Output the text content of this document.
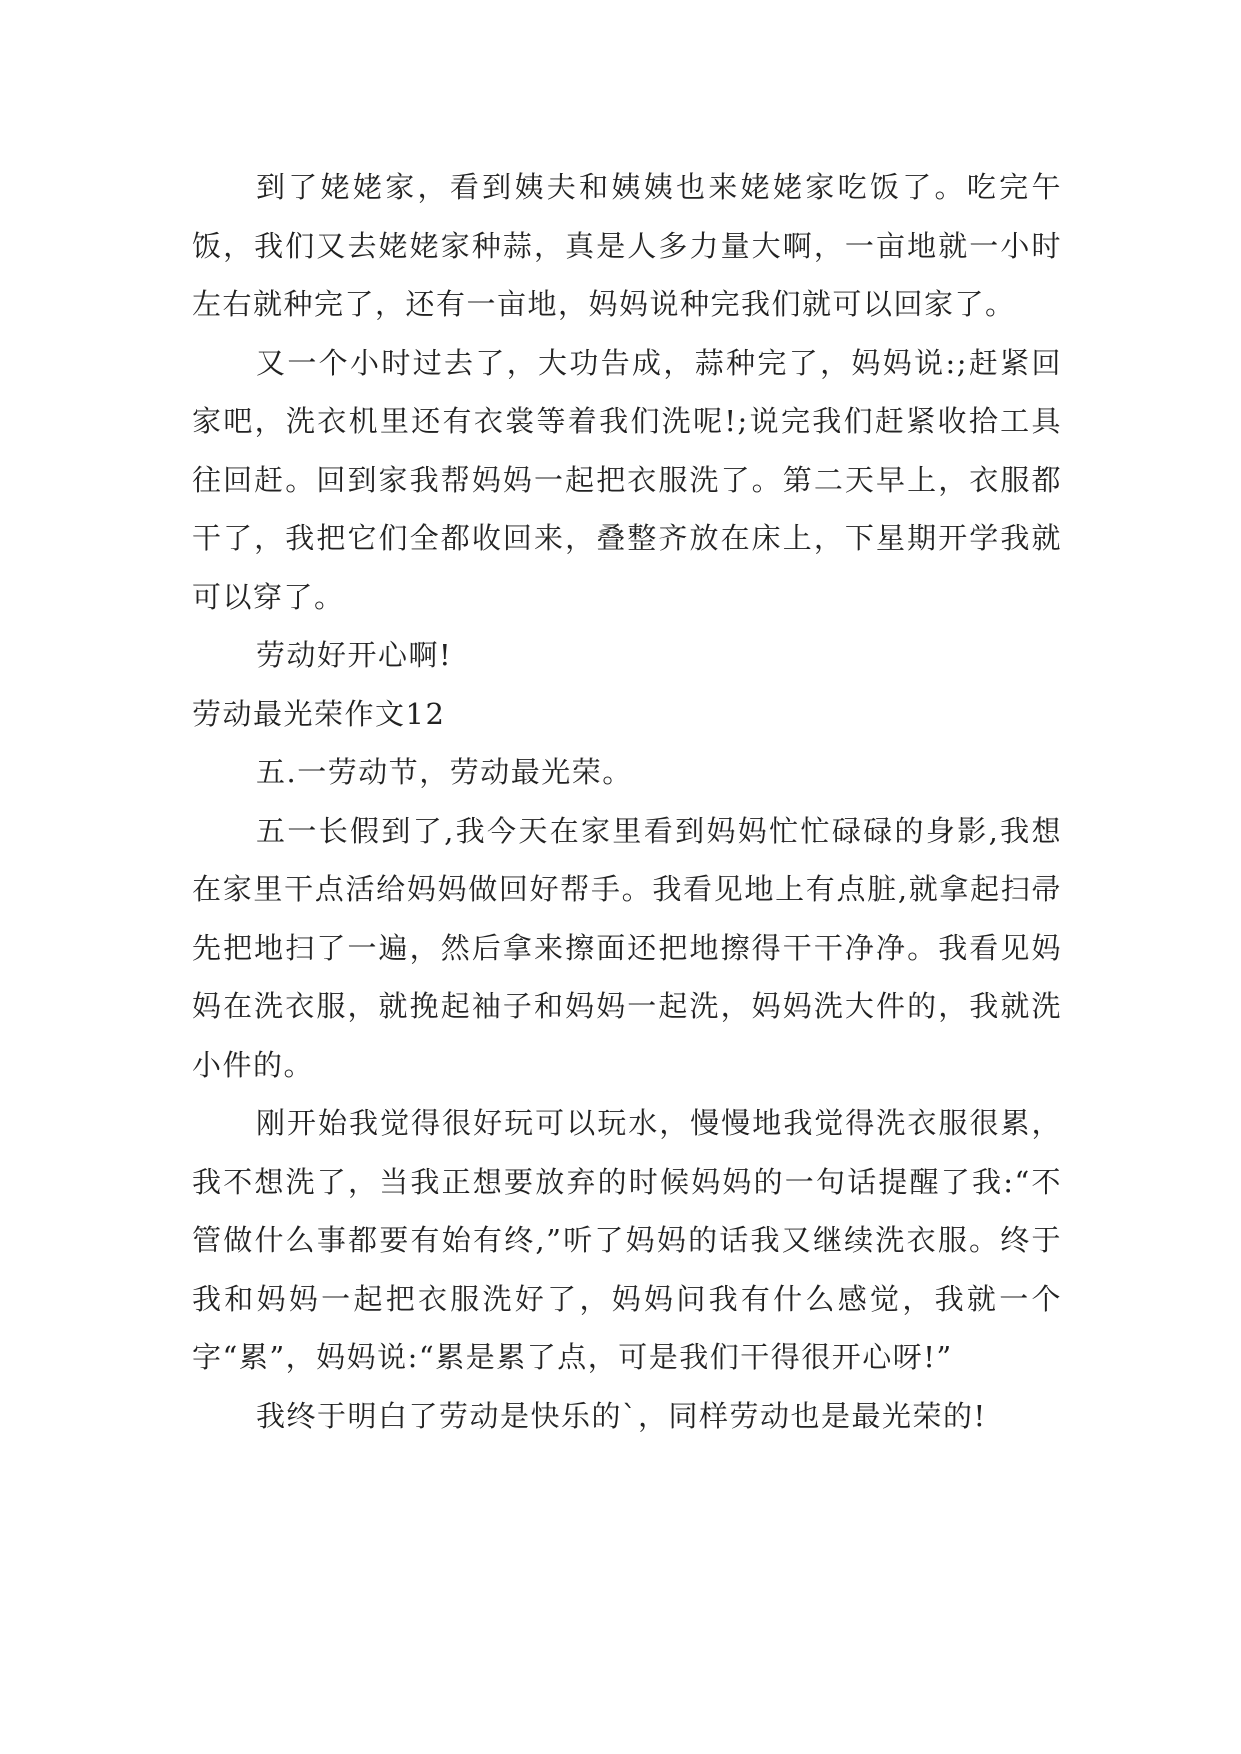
到了姥姥家，看到姨夫和姨姨也来姥姥家吃饭了。吃完午饭，我们又去姥姥家种蒜，真是人多力量大啊，一亩地就一小时左右就种完了，还有一亩地，妈妈说种完我们就可以回家了。

又一个小时过去了，大功告成，蒜种完了，妈妈说:;赶紧回家吧，洗衣机里还有衣裳等着我们洗呢!;说完我们赶紧收拾工具往回赶。回到家我帮妈妈一起把衣服洗了。第二天早上，衣服都干了，我把它们全都收回来，叠整齐放在床上，下星期开学我就可以穿了。

劳动好开心啊!

劳动最光荣作文12

五.一劳动节，劳动最光荣。

五一长假到了,我今天在家里看到妈妈忙忙碌碌的身影,我想在家里干点活给妈妈做回好帮手。我看见地上有点脏,就拿起扫帚先把地扫了一遍，然后拿来擦面还把地擦得干干净净。我看见妈妈在洗衣服，就挽起袖子和妈妈一起洗，妈妈洗大件的，我就洗小件的。

刚开始我觉得很好玩可以玩水，慢慢地我觉得洗衣服很累，我不想洗了，当我正想要放弃的时候妈妈的一句话提醒了我:“不管做什么事都要有始有终,”听了妈妈的话我又继续洗衣服。终于我和妈妈一起把衣服洗好了，妈妈问我有什么感觉，我就一个字“累”，妈妈说:“累是累了点，可是我们干得很开心呀!”

我终于明白了劳动是快乐的`，同样劳动也是最光荣的!
